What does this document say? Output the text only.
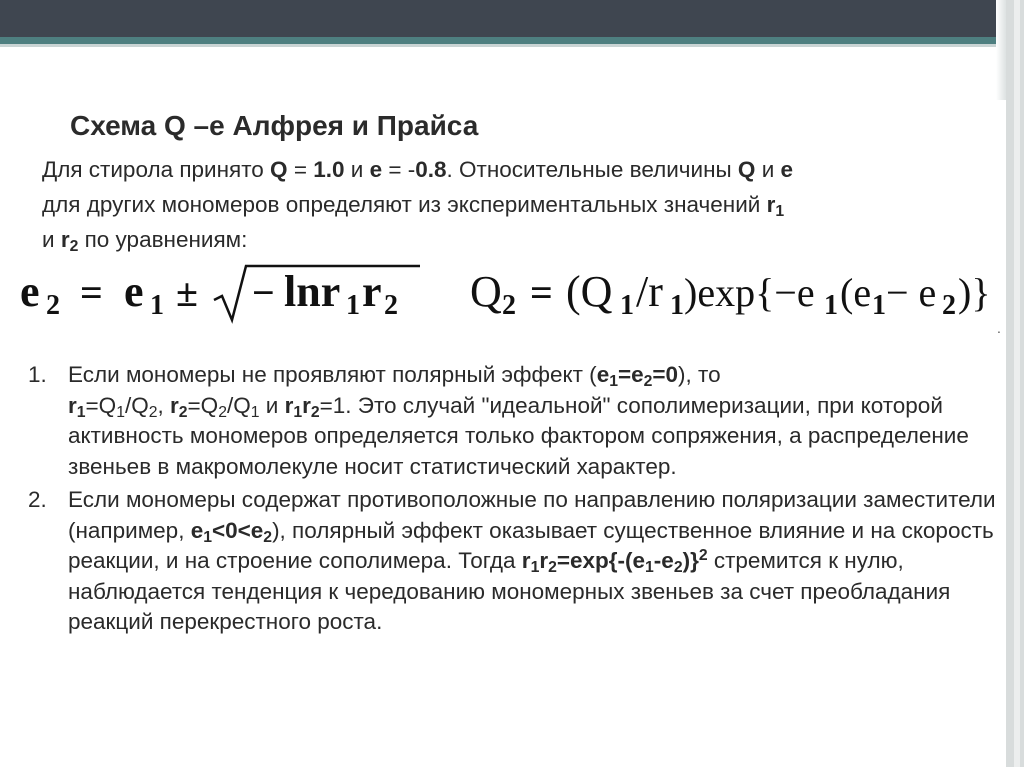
Схема Q –е Алфрея и Прайса
Для стирола принято Q = 1.0 и e = -0.8. Относительные величины Q и e для других мономеров определяют из экспериментальных значений $r_1$ и $r_2$ по уравнениям:
e 2 = e 1 ± − lnr 1 r 2 Q 2 = (Q 1 /r 1 )exp{−e 1 (e 1 − e 2 )}
.
1. Если мономеры не проявляют полярный эффект $(e_1=e_2=0)$, то
$r_1=Q_1/Q_2$, $r_2=Q_2/Q_1$ и $r_1r_2=1$. Это случай "идеальной" сополимеризации, при которой активность мономеров определяется только фактором сопряжения, а распределение звеньев в макромолекуле носит статистический характер.
2. Если мономеры содержат противоположные по направлению поляризации заместители (например, $e_1<0<e_2$), полярный эффект оказывает существенное влияние и на скорость реакции, и на строение сополимера. Тогда $r_1r_2=\exp\{-(e_1-e_2)\}^2$ стремится к нулю, наблюдается тенденция к чередованию мономерных звеньев за счет преобладания реакций перекрестного роста.
